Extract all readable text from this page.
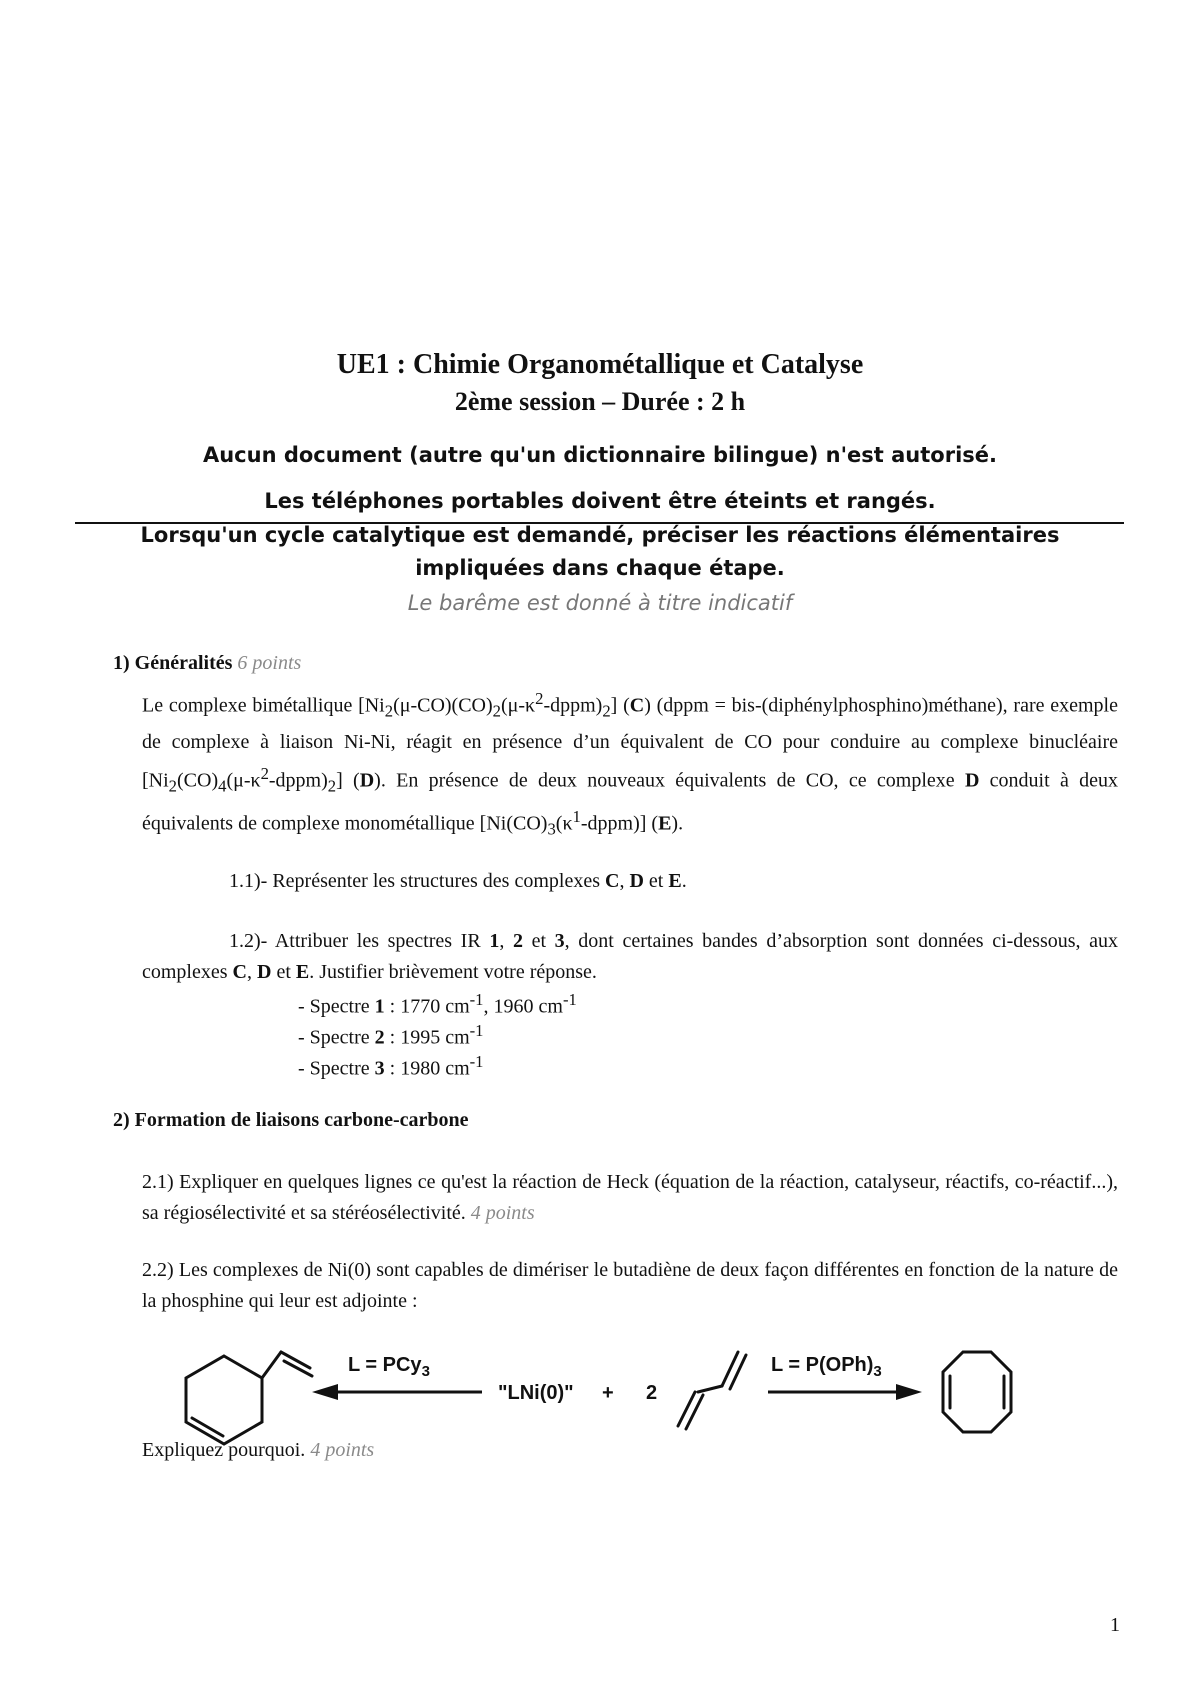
UE1 : Chimie Organométallique et Catalyse
2ème session – Durée : 2 h
Aucun document (autre qu'un dictionnaire bilingue) n'est autorisé.
Les téléphones portables doivent être éteints et rangés.
Lorsqu'un cycle catalytique est demandé, préciser les réactions élémentaires
impliquées dans chaque étape.
Le barême est donné à titre indicatif
1) Généralités 6 points
Le complexe bimétallique $[Ni_2(\mu-CO)(CO)_2(\mu-\kappa^2-dppm)_2]$ (C) (dppm = bis-(diphénylphosphino)méthane), rare exemple de complexe à liaison Ni-Ni, réagit en présence d’un équivalent de CO pour conduire au complexe binucléaire $[Ni_2(CO)_4(\mu-\kappa^2-dppm)_2]$ (D). En présence de deux nouveaux équivalents de CO, ce complexe D conduit à deux équivalents de complexe monométallique $[Ni(CO)_3(\kappa^1-dppm)]$ (E).
1.1)- Représenter les structures des complexes C, D et E.
1.2)- Attribuer les spectres IR 1, 2 et 3, dont certaines bandes d’absorption sont données ci-dessous, aux complexes C, D et E. Justifier brièvement votre réponse.
- Spectre 1 : 1770 $cm^{-1}$, 1960 $cm^{-1}$
- Spectre 2 : 1995 $cm^{-1}$
- Spectre 3 : 1980 $cm^{-1}$
2) Formation de liaisons carbone-carbone
2.1) Expliquer en quelques lignes ce qu'est la réaction de Heck (équation de la réaction, catalyseur, réactifs, co-réactif...), sa régiosélectivité et sa stéréosélectivité. 4 points
2.2) Les complexes de Ni(0) sont capables de dimériser le butadiène de deux façon différentes en fonction de la nature de la phosphine qui leur est adjointe :
L = PCy$_3$
"LNi(0)" + 2
$L = P(OPh)_3$
Expliquez pourquoi. 4 points
1
